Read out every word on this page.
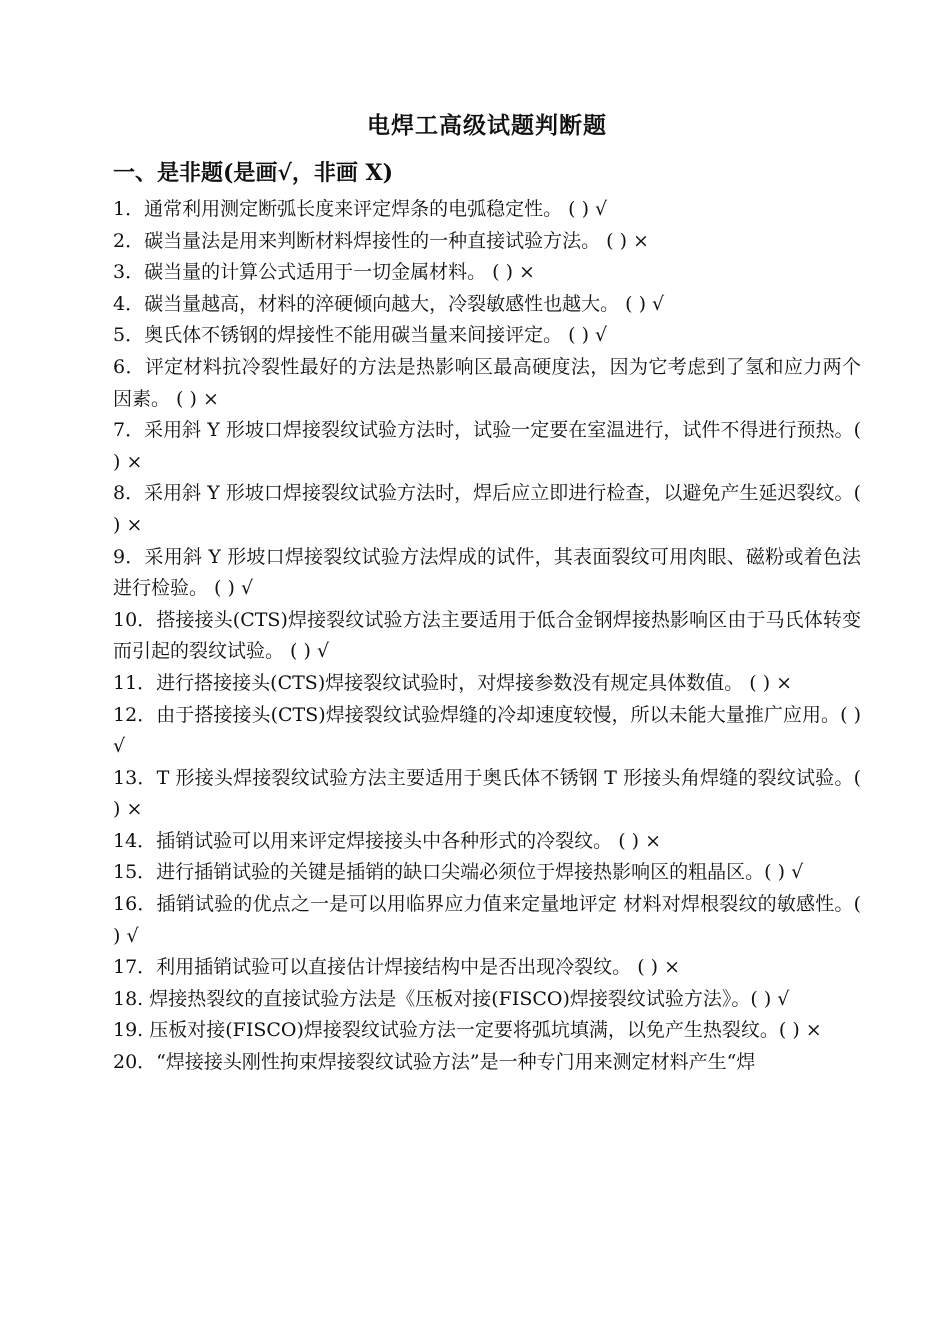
电焊工高级试题判断题
一、是非题(是画√，非画 X)
1．通常利用测定断弧长度来评定焊条的电弧稳定性。 ( ) √
2．碳当量法是用来判断材料焊接性的一种直接试验方法。 ( ) ×
3．碳当量的计算公式适用于一切金属材料。 ( ) ×
4．碳当量越高，材料的淬硬倾向越大，冷裂敏感性也越大。 ( ) √
5．奥氏体不锈钢的焊接性不能用碳当量来间接评定。 ( ) √
6．评定材料抗冷裂性最好的方法是热影响区最高硬度法，因为它考虑到了氢和应力两个因素。 ( ) ×
7．采用斜 Y 形坡口焊接裂纹试验方法时，试验一定要在室温进行，试件不得进行预热。( ) ×
8．采用斜 Y 形坡口焊接裂纹试验方法时，焊后应立即进行检查，以避免产生延迟裂纹。( ) ×
9．采用斜 Y 形坡口焊接裂纹试验方法焊成的试件，其表面裂纹可用肉眼、磁粉或着色法进行检验。 ( ) √
10．搭接接头(CTS)焊接裂纹试验方法主要适用于低合金钢焊接热影响区由于马氏体转变而引起的裂纹试验。 ( ) √
11．进行搭接接头(CTS)焊接裂纹试验时，对焊接参数没有规定具体数值。 ( ) ×
12．由于搭接接头(CTS)焊接裂纹试验焊缝的冷却速度较慢，所以未能大量推广应用。( ) √
13．T 形接头焊接裂纹试验方法主要适用于奥氏体不锈钢 T 形接头角焊缝的裂纹试验。( ) ×
14．插销试验可以用来评定焊接接头中各种形式的冷裂纹。 ( ) ×
15．进行插销试验的关键是插销的缺口尖端必须位于焊接热影响区的粗晶区。( ) √
16．插销试验的优点之一是可以用临界应力值来定量地评定 材料对焊根裂纹的敏感性。( ) √
17．利用插销试验可以直接估计焊接结构中是否出现冷裂纹。 ( ) ×
18. 焊接热裂纹的直接试验方法是《压板对接(FISCO)焊接裂纹试验方法》。( ) √
19. 压板对接(FISCO)焊接裂纹试验方法一定要将弧坑填满，以免产生热裂纹。( ) ×
20．“焊接接头刚性拘束焊接裂纹试验方法”是一种专门用来测定材料产生“焊
